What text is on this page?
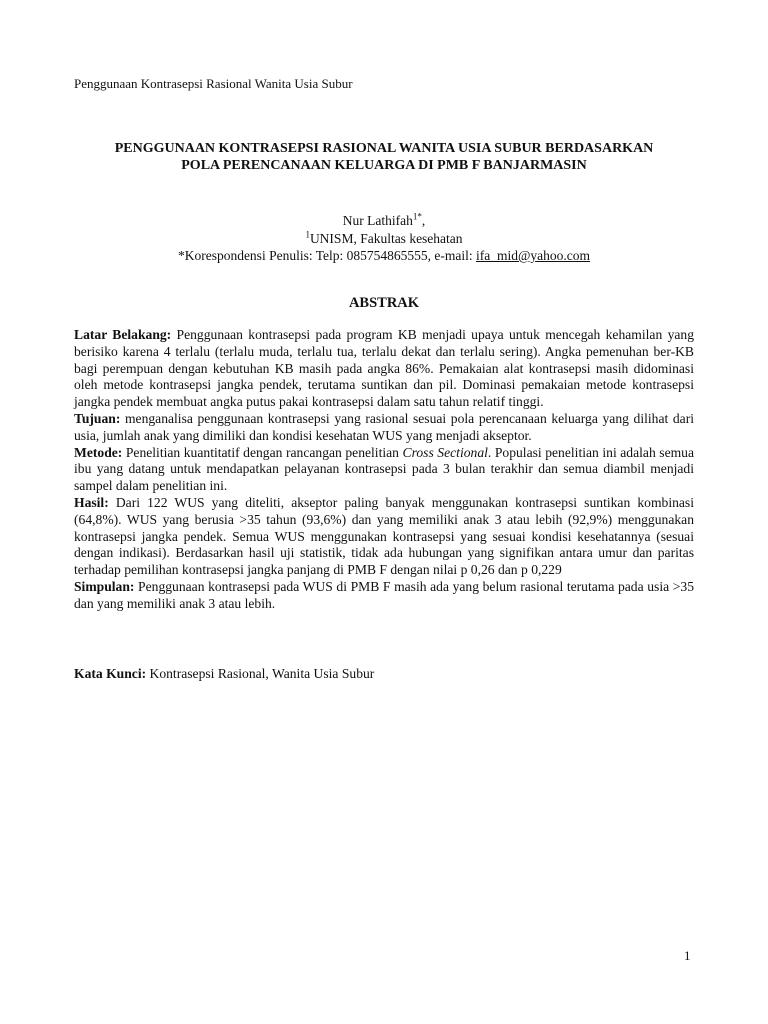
Penggunaan Kontrasepsi Rasional Wanita Usia Subur
PENGGUNAAN KONTRASEPSI RASIONAL WANITA USIA SUBUR BERDASARKAN
POLA PERENCANAAN KELUARGA DI PMB F BANJARMASIN
Nur Lathifah$^{1*}$,
$^1$UNISM, Fakultas kesehatan
*Korespondensi Penulis: Telp: 085754865555, e-mail: ifa_mid@yahoo.com
ABSTRAK

Latar Belakang: Penggunaan kontrasepsi pada program KB menjadi upaya untuk mencegah kehamilan yang berisiko karena 4 terlalu (terlalu muda, terlalu tua, terlalu dekat dan terlalu sering). Angka pemenuhan ber-KB bagi perempuan dengan kebutuhan KB masih pada angka 86%. Pemakaian alat kontrasepsi masih didominasi oleh metode kontrasepsi jangka pendek, terutama suntikan dan pil. Dominasi pemakaian metode kontrasepsi jangka pendek membuat angka putus pakai kontrasepsi dalam satu tahun relatif tinggi.

Tujuan: menganalisa penggunaan kontrasepsi yang rasional sesuai pola perencanaan keluarga yang dilihat dari usia, jumlah anak yang dimiliki dan kondisi kesehatan WUS yang menjadi akseptor.

Metode: Penelitian kuantitatif dengan rancangan penelitian Cross Sectional. Populasi penelitian ini adalah semua ibu yang datang untuk mendapatkan pelayanan kontrasepsi pada 3 bulan terakhir dan semua diambil menjadi sampel dalam penelitian ini.

Hasil: Dari 122 WUS yang diteliti, akseptor paling banyak menggunakan kontrasepsi suntikan kombinasi (64,8%). WUS yang berusia >35 tahun (93,6%) dan yang memiliki anak 3 atau lebih (92,9%) menggunakan kontrasepsi jangka pendek. Semua WUS menggunakan kontrasepsi yang sesuai kondisi kesehatannya (sesuai dengan indikasi). Berdasarkan hasil uji statistik, tidak ada hubungan yang signifikan antara umur dan paritas terhadap pemilihan kontrasepsi jangka panjang di PMB F dengan nilai p 0,26 dan p 0,229

Simpulan: Penggunaan kontrasepsi pada WUS di PMB F masih ada yang belum rasional terutama pada usia >35 dan yang memiliki anak 3 atau lebih.

Kata Kunci: Kontrasepsi Rasional, Wanita Usia Subur
1
